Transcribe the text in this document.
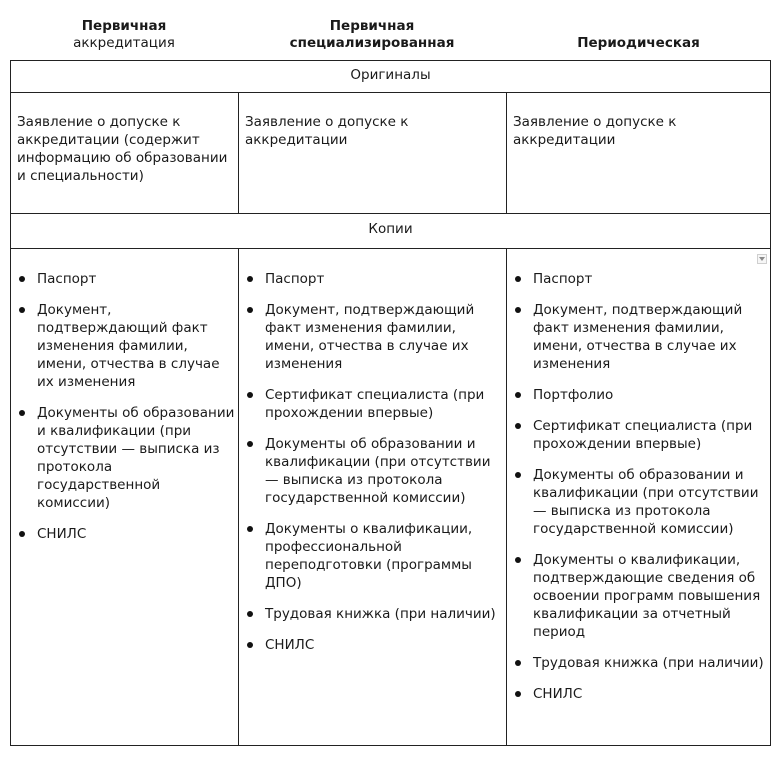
Первичная
аккредитация
Первичная
специализированная	Периодическая
Оригиналы
Заявление о допуске к аккредитации (содержит информацию об образовании и специальности)
Заявление о допуске к аккредитации
Заявление о допуске к аккредитации
Копии
Паспорт
Документ, подтверждающий факт изменения фамилии, имени, отчества в случае их изменения
Документы об образовании и квалификации (при отсутствии — выписка из протокола государственной комиссии)
СНИЛС
Паспорт
Документ, подтверждающий факт изменения фамилии, имени, отчества в случае их изменения
Сертификат специалиста (при прохождении впервые)
Документы об образовании и квалификации (при отсутствии — выписка из протокола государственной комиссии)
Документы о квалификации, профессиональной переподготовки (программы ДПО)
Трудовая книжка (при наличии)
СНИЛС
Паспорт
Документ, подтверждающий факт изменения фамилии, имени, отчества в случае их изменения
Портфолио
Сертификат специалиста (при прохождении впервые)
Документы об образовании и квалификации (при отсутствии — выписка из протокола государственной комиссии)
Документы о квалификации, подтверждающие сведения об освоении программ повышения квалификации за отчетный период
Трудовая книжка (при наличии)
СНИЛС
